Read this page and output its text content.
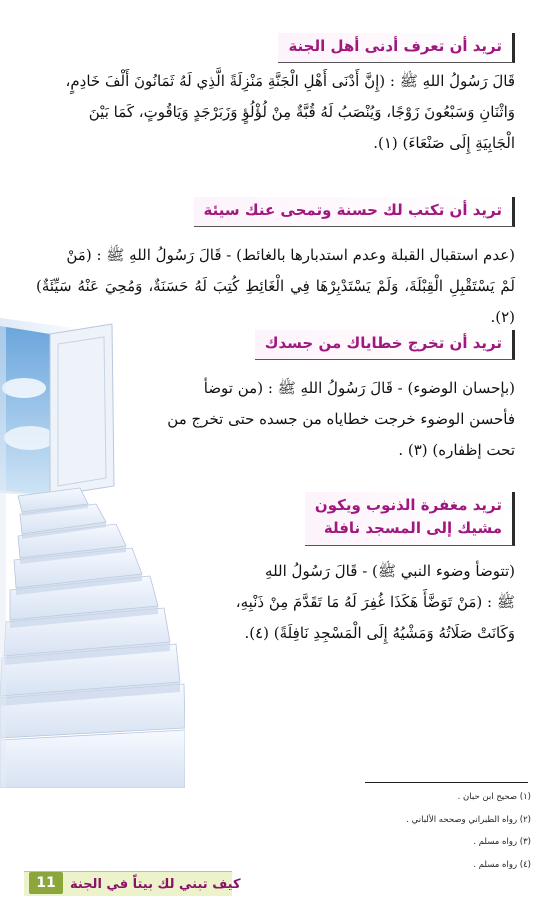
تريد أن تعرف أدنى أهل الجنة
قَالَ رَسُولُ اللهِ ﷺ : (إِنَّ أَدْنَى أَهْلِ الْجَنَّةِ مَنْزِلَةً الَّذِي لَهُ ثَمَانُونَ أَلْفَ خَادِمٍ،
وَاثْنَانِ وَسَبْعُونَ زَوْجًا، وَيُنْصَبُ لَهُ قُبَّةٌ مِنْ لُؤْلُؤٍ وَزَبَرْجَدٍ وَيَاقُوتٍ، كَمَا بَيْنَ
الْجَابِيَةِ إِلَى صَنْعَاءَ) (١).
تريد أن تكتب لك حسنة وتمحى عنك سيئة
(عدم استقبال القبلة وعدم استدبارها بالغائط) - قَالَ رَسُولُ اللهِ ﷺ : (مَنْ
لَمْ يَسْتَقْبِلِ الْقِبْلَةَ، وَلَمْ يَسْتَدْبِرْهَا فِي الْغَائِطِ كُتِبَ لَهُ حَسَنَةٌ، وَمُحِيَ عَنْهُ سَيِّئَةٌ) (٢).
تريد أن تخرج خطاياك من جسدك
(بإحسان الوضوء) - قَالَ رَسُولُ اللهِ ﷺ : (من توضأ
فأحسن الوضوء خرجت خطاياه من جسده حتى تخرج من
تحت إظفاره) (٣) .
تريد مغفرة الذنوب ويكون
مشيك إلى المسجد نافلة
(تتوضأ وضوء النبي ﷺ) - قَالَ رَسُولُ اللهِ
ﷺ : (مَنْ تَوَضَّأَ هَكَذَا غُفِرَ لَهُ مَا تَقَدَّمَ مِنْ ذَنْبِهِ،
وَكَانَتْ صَلَاتُهُ وَمَشْيُهُ إِلَى الْمَسْجِدِ نَافِلَةً) (٤).
(١) صحيح ابن حبان .
(٢) رواه الطبراني وصححه الألباني .
(٣) رواه مسلم .
(٤) رواه مسلم .
11	كيف تبني لك بيتاً في الجنة
